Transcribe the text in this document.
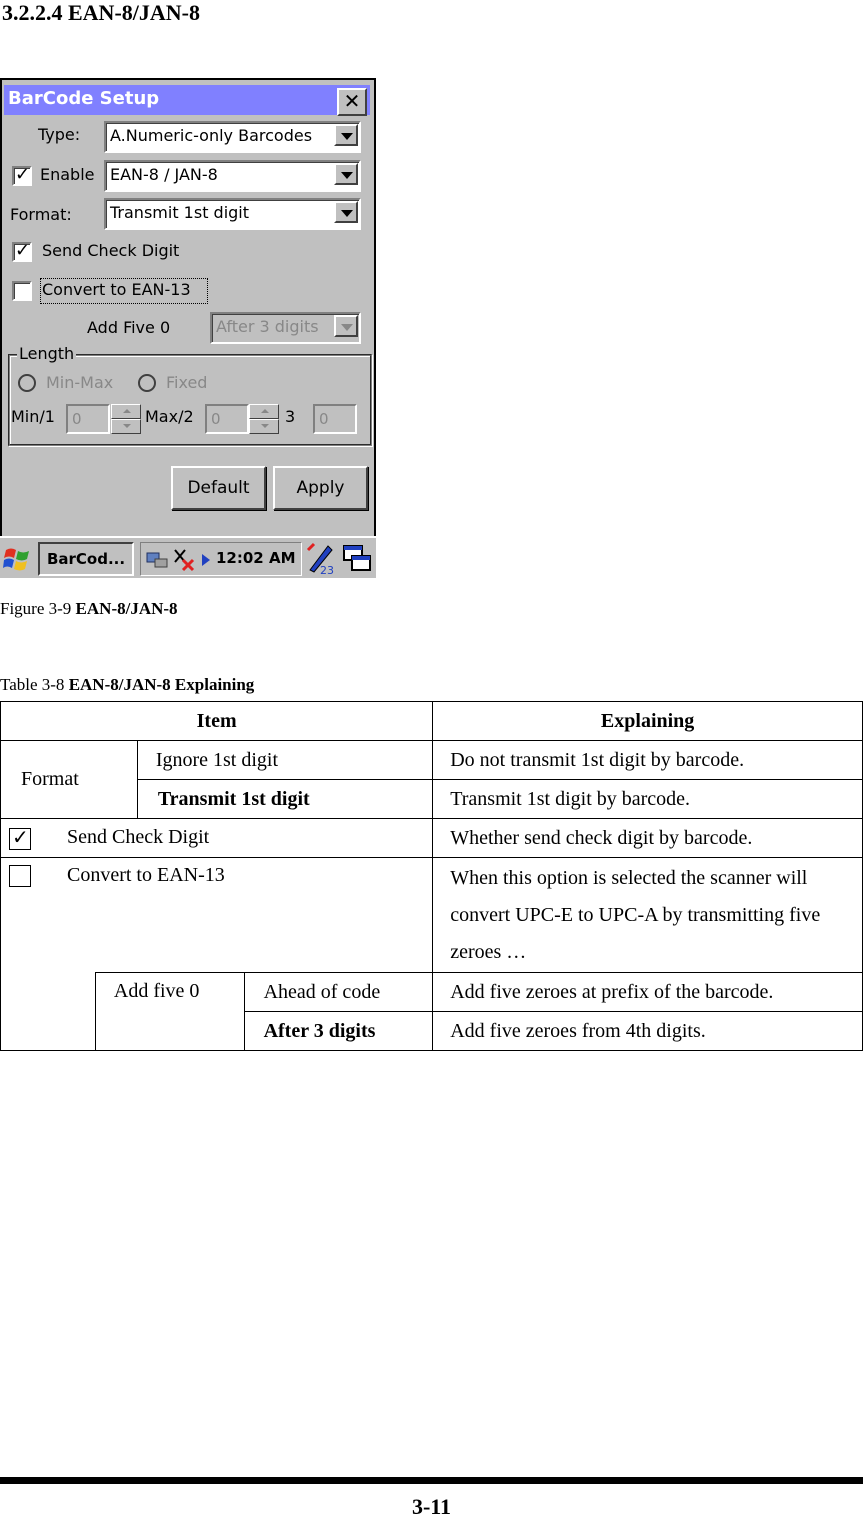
3.2.2.4 EAN-8/JAN-8
BarCode Setup	✕
Type: A.Numeric-only Barcodes
✓
Enable EAN-8 / JAN-8
Format: Transmit 1st digit
✓
Send Check Digit
Convert to EAN-13
Add Five 0	After 3 digits
Length
Min-Max	Fixed
Min/1 0	Max/2 0	3 0
Default	Apply
BarCod...	12:02 AM
23
Figure 3-9 EAN-8/JAN-8
Table 3-8 EAN-8/JAN-8 Explaining
Item				Explaining
Format		Ignore 1st digit		Do not transmit 1st digit by barcode.
		Transmit 1st digit		Transmit 1st digit by barcode.

✓ Send Check Digit				Whether send check digit by barcode.
Convert to EAN-13				When this option is selected the scanner will convert UPC-E to UPC-A by transmitting five zeroes …
	Add five 0		Ahead of code	Add five zeroes at prefix of the barcode.
			After 3 digits	Add five zeroes from 4th digits.
3-11
